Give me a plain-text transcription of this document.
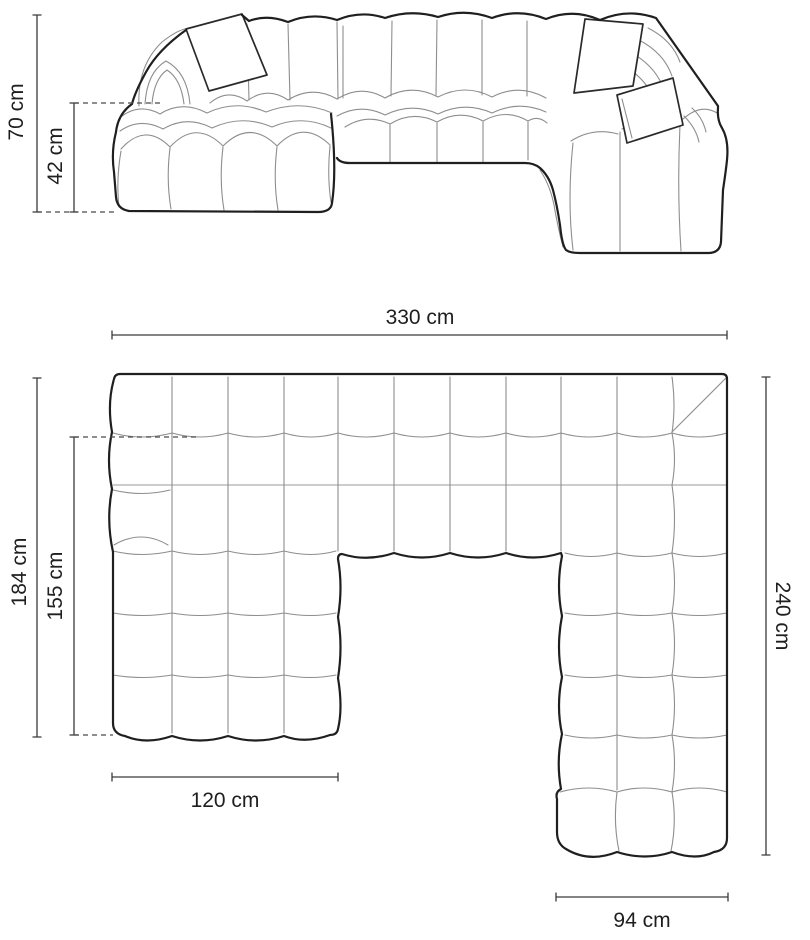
70 cm
42 cm
330 cm
184 cm 155 cm	240 cm
120 cm
94 cm
